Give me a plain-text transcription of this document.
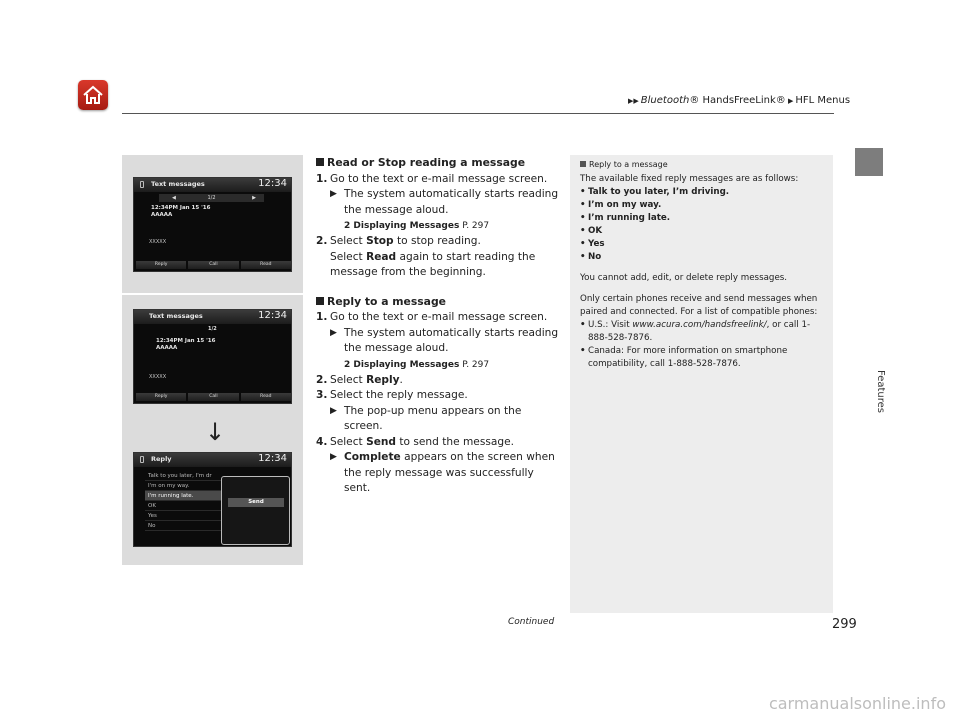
▶▶ Bluetooth® HandsFreeLink® ▶ HFL Menus
Features
Text messages	12:34
◀	1/2	▶
12:34PM Jan 15 '16
AAAAA
XXXXX
Reply	Call	Read
Text messages	12:34
1/2
12:34PM Jan 15 '16
AAAAA
XXXXX
Reply	Call	Read
↓
Reply	12:34
Talk to you later, I'm dr
I'm on my way.
I'm running late.
OK
Yes
No
Send
Read or Stop reading a message
1. Go to the text or e-mail message screen.
▶ The system automatically starts reading the message aloud.
2 Displaying Messages P. 297
2. Select Stop to stop reading.
Select Read again to start reading the message from the beginning.
Reply to a message
1. Go to the text or e-mail message screen.
▶ The system automatically starts reading the message aloud.
2 Displaying Messages P. 297
2. Select Reply.
3. Select the reply message.
▶ The pop-up menu appears on the screen.
4. Select Send to send the message.
▶ Complete appears on the screen when the reply message was successfully sent.
Reply to a message
The available fixed reply messages are as follows:
• Talk to you later, I’m driving.
• I’m on my way.
• I’m running late.
• OK
• Yes
• No
You cannot add, edit, or delete reply messages.
Only certain phones receive and send messages when paired and connected. For a list of compatible phones:
• U.S.: Visit www.acura.com/handsfreelink/, or call 1-888-528-7876.
• Canada: For more information on smartphone compatibility, call 1-888-528-7876.
Continued	299
carmanualsonline.info
